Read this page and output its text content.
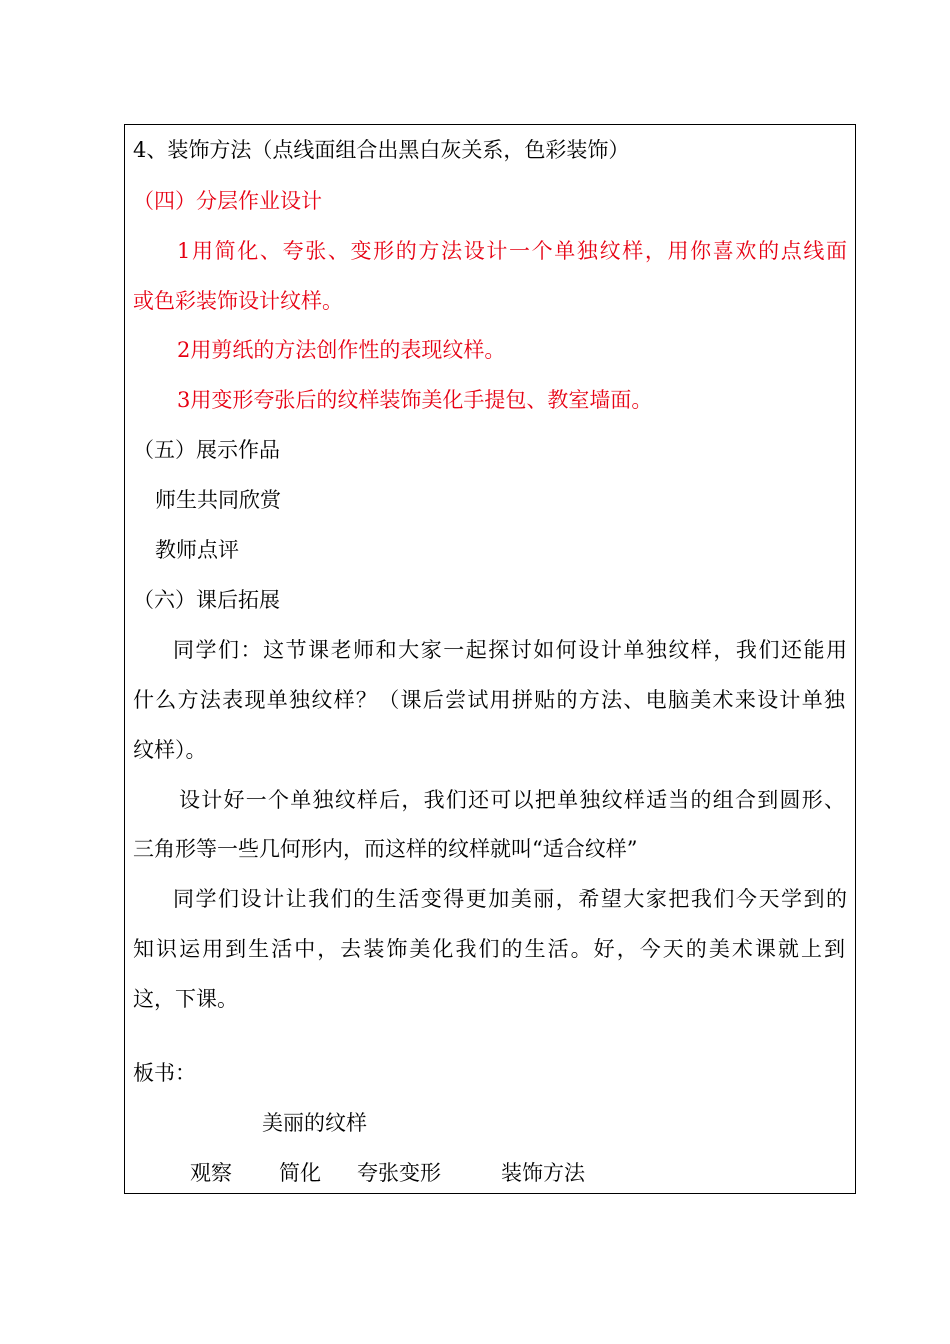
4、装饰方法（点线面组合出黑白灰关系，色彩装饰）
（四）分层作业设计
1用简化、夸张、变形的方法设计一个单独纹样，用你喜欢的点线面
或色彩装饰设计纹样。
2用剪纸的方法创作性的表现纹样。
3用变形夸张后的纹样装饰美化手提包、教室墙面。
（五）展示作品
师生共同欣赏
教师点评
（六）课后拓展
同学们：这节课老师和大家一起探讨如何设计单独纹样，我们还能用
什么方法表现单独纹样？（课后尝试用拼贴的方法、电脑美术来设计单独
纹样）。
设计好一个单独纹样后，我们还可以把单独纹样适当的组合到圆形、
三角形等一些几何形内，而这样的纹样就叫“适合纹样”
同学们设计让我们的生活变得更加美丽，希望大家把我们今天学到的
知识运用到生活中，去装饰美化我们的生活。好，今天的美术课就上到
这，下课。
板书：
美丽的纹样
观察 简化 夸张变形	装饰方法
